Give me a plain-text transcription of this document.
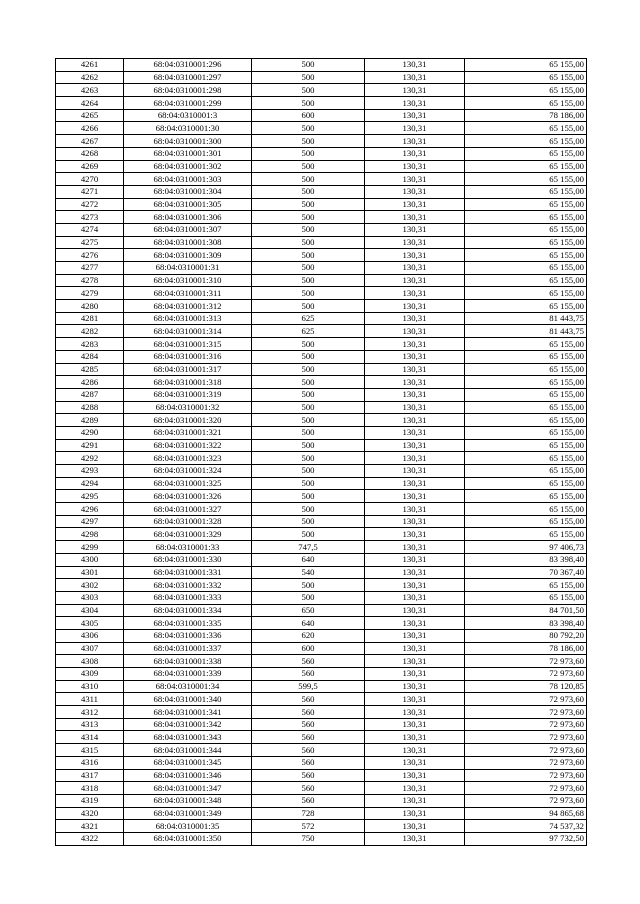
4261	68:04:0310001:296	500	130,31	65 155,00
4262	68:04:0310001:297	500	130,31	65 155,00
4263	68:04:0310001:298	500	130,31	65 155,00
4264	68:04:0310001:299	500	130,31	65 155,00
4265	68:04:0310001:3	600	130,31	78 186,00
4266	68:04:0310001:30	500	130,31	65 155,00
4267	68:04:0310001:300	500	130,31	65 155,00
4268	68:04:0310001:301	500	130,31	65 155,00
4269	68:04:0310001:302	500	130,31	65 155,00
4270	68:04:0310001:303	500	130,31	65 155,00
4271	68:04:0310001:304	500	130,31	65 155,00
4272	68:04:0310001:305	500	130,31	65 155,00
4273	68:04:0310001:306	500	130,31	65 155,00
4274	68:04:0310001:307	500	130,31	65 155,00
4275	68:04:0310001:308	500	130,31	65 155,00
4276	68:04:0310001:309	500	130,31	65 155,00
4277	68:04:0310001:31	500	130,31	65 155,00
4278	68:04:0310001:310	500	130,31	65 155,00
4279	68:04:0310001:311	500	130,31	65 155,00
4280	68:04:0310001:312	500	130,31	65 155,00
4281	68:04:0310001:313	625	130,31	81 443,75
4282	68:04:0310001:314	625	130,31	81 443,75
4283	68:04:0310001:315	500	130,31	65 155,00
4284	68:04:0310001:316	500	130,31	65 155,00
4285	68:04:0310001:317	500	130,31	65 155,00
4286	68:04:0310001:318	500	130,31	65 155,00
4287	68:04:0310001:319	500	130,31	65 155,00
4288	68:04:0310001:32	500	130,31	65 155,00
4289	68:04:0310001:320	500	130,31	65 155,00
4290	68:04:0310001:321	500	130,31	65 155,00
4291	68:04:0310001:322	500	130,31	65 155,00
4292	68:04:0310001:323	500	130,31	65 155,00
4293	68:04:0310001:324	500	130,31	65 155,00
4294	68:04:0310001:325	500	130,31	65 155,00
4295	68:04:0310001:326	500	130,31	65 155,00
4296	68:04:0310001:327	500	130,31	65 155,00
4297	68:04:0310001:328	500	130,31	65 155,00
4298	68:04:0310001:329	500	130,31	65 155,00
4299	68:04:0310001:33	747,5	130,31	97 406,73
4300	68:04:0310001:330	640	130,31	83 398,40
4301	68:04:0310001:331	540	130,31	70 367,40
4302	68:04:0310001:332	500	130,31	65 155,00
4303	68:04:0310001:333	500	130,31	65 155,00
4304	68:04:0310001:334	650	130,31	84 701,50
4305	68:04:0310001:335	640	130,31	83 398,40
4306	68:04:0310001:336	620	130,31	80 792,20
4307	68:04:0310001:337	600	130,31	78 186,00
4308	68:04:0310001:338	560	130,31	72 973,60
4309	68:04:0310001:339	560	130,31	72 973,60
4310	68:04:0310001:34	599,5	130,31	78 120,85
4311	68:04:0310001:340	560	130,31	72 973,60
4312	68:04:0310001:341	560	130,31	72 973,60
4313	68:04:0310001:342	560	130,31	72 973,60
4314	68:04:0310001:343	560	130,31	72 973,60
4315	68:04:0310001:344	560	130,31	72 973,60
4316	68:04:0310001:345	560	130,31	72 973,60
4317	68:04:0310001:346	560	130,31	72 973,60
4318	68:04:0310001:347	560	130,31	72 973,60
4319	68:04:0310001:348	560	130,31	72 973,60
4320	68:04:0310001:349	728	130,31	94 865,68
4321	68:04:0310001:35	572	130,31	74 537,32
4322	68:04:0310001:350	750	130,31	97 732,50
